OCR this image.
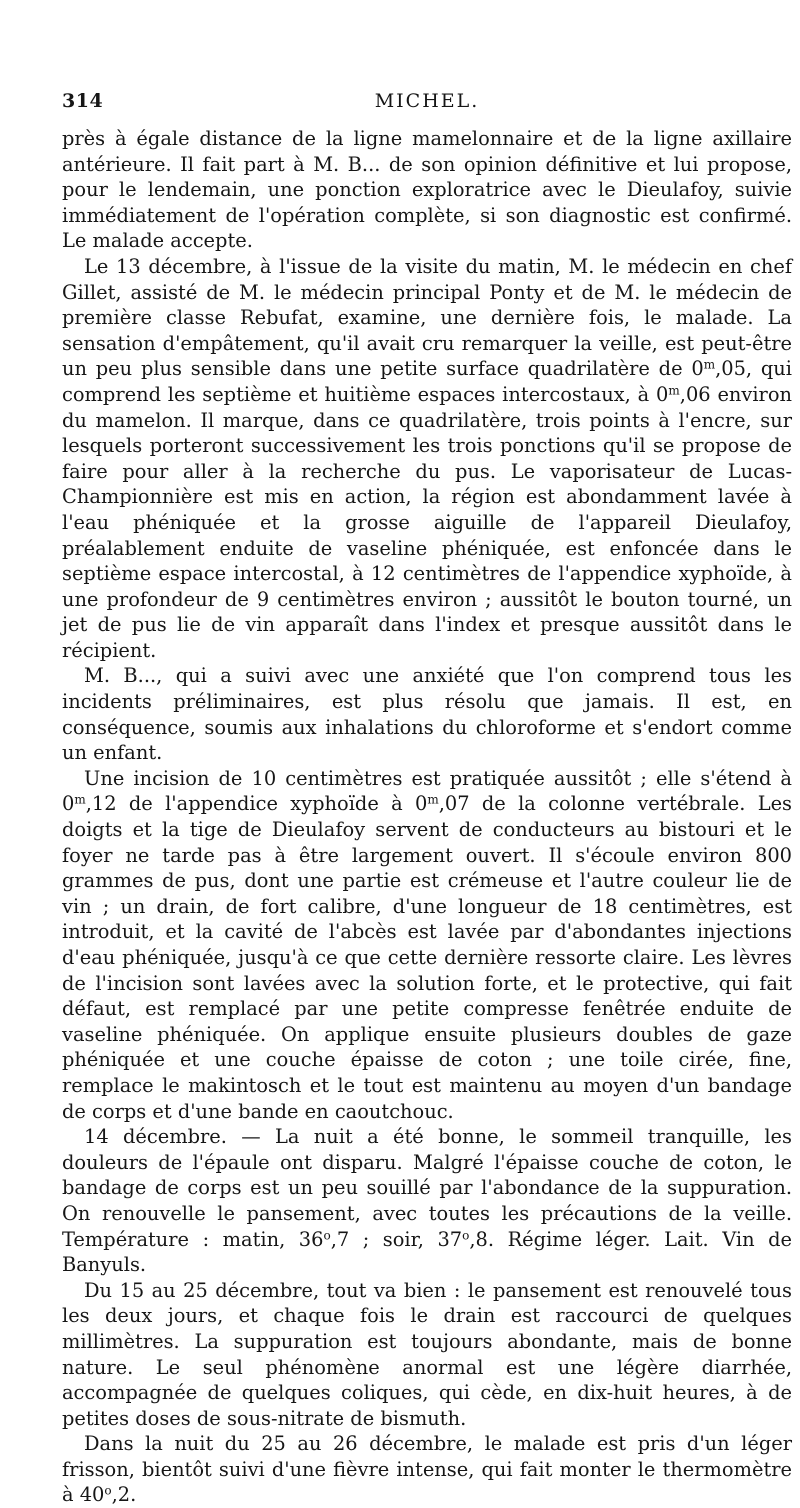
314	MICHEL.

près à égale distance de la ligne mamelonnaire et de la ligne axillaire antérieure. Il fait part à M. B... de son opinion définitive et lui propose, pour le lendemain, une ponction exploratrice avec le Dieulafoy, suivie immédiatement de l'opération complète, si son diagnostic est confirmé. Le malade accepte.

Le 13 décembre, à l'issue de la visite du matin, M. le médecin en chef Gillet, assisté de M. le médecin principal Ponty et de M. le médecin de première classe Rebufat, examine, une dernière fois, le malade. La sensation d'empâtement, qu'il avait cru remarquer la veille, est peut-être un peu plus sensible dans une petite surface quadrilatère de 0$^m$,05, qui comprend les septième et huitième espaces intercostaux, à 0$^m$,06 environ du mamelon. Il marque, dans ce quadrilatère, trois points à l'encre, sur lesquels porteront successivement les trois ponctions qu'il se propose de faire pour aller à la recherche du pus. Le vaporisateur de Lucas-Championnière est mis en action, la région est abondamment lavée à l'eau phéniquée et la grosse aiguille de l'appareil Dieulafoy, préalablement enduite de vaseline phéniquée, est enfoncée dans le septième espace intercostal, à 12 centimètres de l'appendice xyphoïde, à une profondeur de 9 centimètres environ ; aussitôt le bouton tourné, un jet de pus lie de vin apparaît dans l'index et presque aussitôt dans le récipient.

M. B..., qui a suivi avec une anxiété que l'on comprend tous les incidents préliminaires, est plus résolu que jamais. Il est, en conséquence, soumis aux inhalations du chloroforme et s'endort comme un enfant.

Une incision de 10 centimètres est pratiquée aussitôt ; elle s'étend à 0$^m$,12 de l'appendice xyphoïde à 0$^m$,07 de la colonne vertébrale. Les doigts et la tige de Dieulafoy servent de conducteurs au bistouri et le foyer ne tarde pas à être largement ouvert. Il s'écoule environ 800 grammes de pus, dont une partie est crémeuse et l'autre couleur lie de vin ; un drain, de fort calibre, d'une longueur de 18 centimètres, est introduit, et la cavité de l'abcès est lavée par d'abondantes injections d'eau phéniquée, jusqu'à ce que cette dernière ressorte claire. Les lèvres de l'incision sont lavées avec la solution forte, et le protective, qui fait défaut, est remplacé par une petite compresse fenêtrée enduite de vaseline phéniquée. On applique ensuite plusieurs doubles de gaze phéniquée et une couche épaisse de coton ; une toile cirée, fine, remplace le makintosch et le tout est maintenu au moyen d'un bandage de corps et d'une bande en caoutchouc.

14 décembre. — La nuit a été bonne, le sommeil tranquille, les douleurs de l'épaule ont disparu. Malgré l'épaisse couche de coton, le bandage de corps est un peu souillé par l'abondance de la suppuration. On renouvelle le pansement, avec toutes les précautions de la veille. Température : matin, 36$^o$,7 ; soir, 37$^o$,8. Régime léger. Lait. Vin de Banyuls.

Du 15 au 25 décembre, tout va bien : le pansement est renouvelé tous les deux jours, et chaque fois le drain est raccourci de quelques millimètres. La suppuration est toujours abondante, mais de bonne nature. Le seul phénomène anormal est une légère diarrhée, accompagnée de quelques coliques, qui cède, en dix-huit heures, à de petites doses de sous-nitrate de bismuth.

Dans la nuit du 25 au 26 décembre, le malade est pris d'un léger frisson, bientôt suivi d'une fièvre intense, qui fait monter le thermomètre à 40$^o$,2.
